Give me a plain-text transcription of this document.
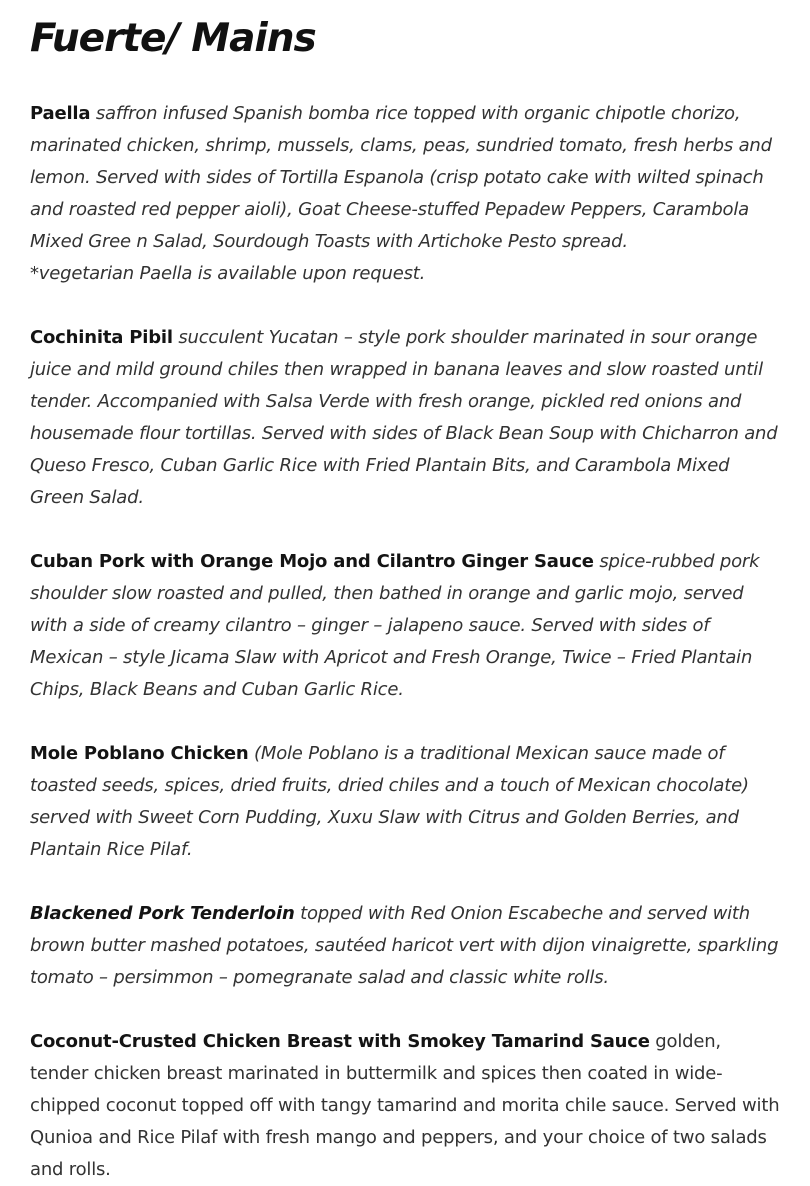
Fuerte/ Mains

Paella saffron infused Spanish bomba rice topped with organic chipotle chorizo, marinated chicken, shrimp, mussels, clams, peas, sundried tomato, fresh herbs and lemon. Served with sides of Tortilla Espanola (crisp potato cake with wilted spinach and roasted red pepper aioli), Goat Cheese-stuffed Pepadew Peppers, Carambola Mixed Gree n Salad, Sourdough Toasts with Artichoke Pesto spread.
*vegetarian Paella is available upon request.

Cochinita Pibil succulent Yucatan – style pork shoulder marinated in sour orange juice and mild ground chiles then wrapped in banana leaves and slow roasted until tender. Accompanied with Salsa Verde with fresh orange, pickled red onions and housemade flour tortillas. Served with sides of Black Bean Soup with Chicharron and Queso Fresco, Cuban Garlic Rice with Fried Plantain Bits, and Carambola Mixed Green Salad.

Cuban Pork with Orange Mojo and Cilantro Ginger Sauce spice-rubbed pork shoulder slow roasted and pulled, then bathed in orange and garlic mojo, served with a side of creamy cilantro – ginger – jalapeno sauce. Served with sides of Mexican – style Jicama Slaw with Apricot and Fresh Orange, Twice – Fried Plantain Chips, Black Beans and Cuban Garlic Rice.

Mole Poblano Chicken (Mole Poblano is a traditional Mexican sauce made of toasted seeds, spices, dried fruits, dried chiles and a touch of Mexican chocolate) served with Sweet Corn Pudding, Xuxu Slaw with Citrus and Golden Berries, and Plantain Rice Pilaf.

Blackened Pork Tenderloin topped with Red Onion Escabeche and served with brown butter mashed potatoes, sautéed haricot vert with dijon vinaigrette, sparkling tomato – persimmon – pomegranate salad and classic white rolls.

Coconut-Crusted Chicken Breast with Smokey Tamarind Sauce golden, tender chicken breast marinated in buttermilk and spices then coated in wide-chipped coconut topped off with tangy tamarind and morita chile sauce. Served with Qunioa and Rice Pilaf with fresh mango and peppers, and your choice of two salads and rolls.
